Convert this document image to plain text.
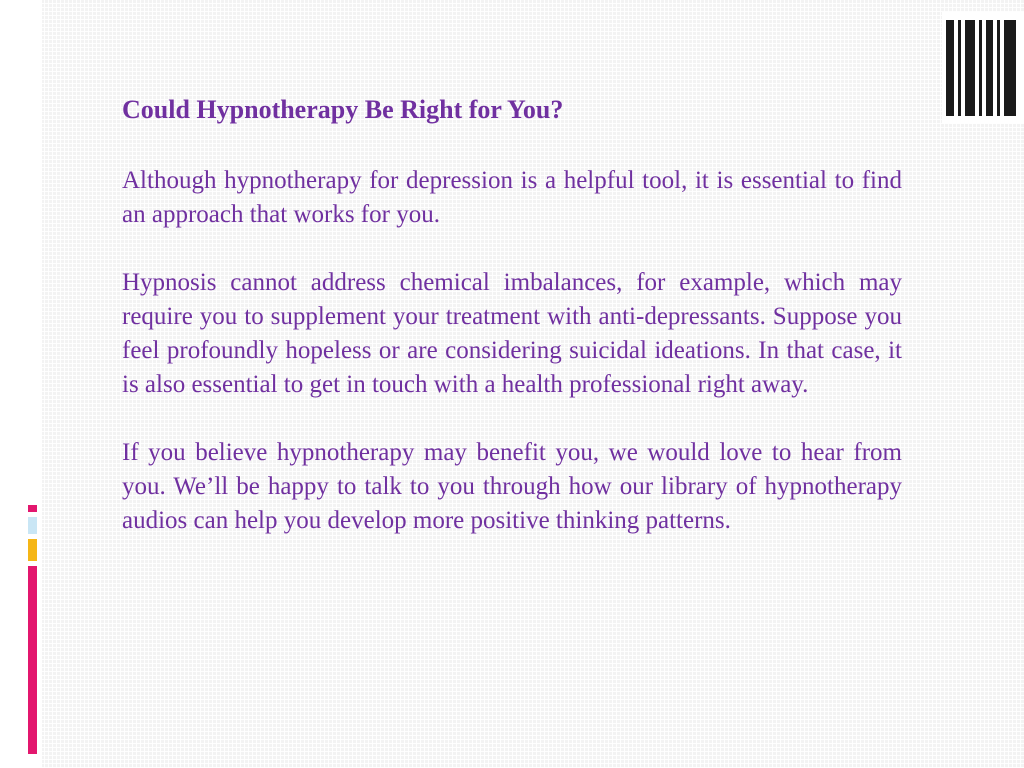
Could Hypnotherapy Be Right for You?

Although hypnotherapy for depression is a helpful tool, it is essential to find an approach that works for you.

Hypnosis cannot address chemical imbalances, for example, which may require you to supplement your treatment with anti-depressants. Suppose you feel profoundly hopeless or are considering suicidal ideations. In that case, it is also essential to get in touch with a health professional right away.

If you believe hypnotherapy may benefit you, we would love to hear from you. We’ll be happy to talk to you through how our library of hypnotherapy audios can help you develop more positive thinking patterns.
